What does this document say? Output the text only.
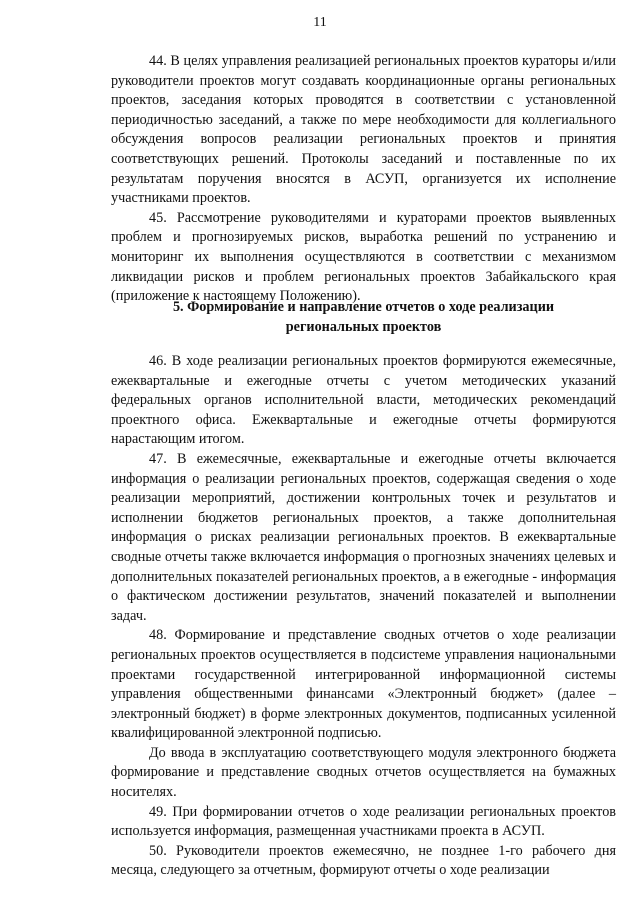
11

44. В целях управления реализацией региональных проектов кураторы и/или руководители проектов могут создавать координационные органы региональных проектов, заседания которых проводятся в соответствии с установленной периодичностью заседаний, а также по мере необходимости для коллегиального обсуждения вопросов реализации региональных проектов и принятия соответствующих решений. Протоколы заседаний и поставленные по их результатам поручения вносятся в АСУП, организуется их исполнение участниками проектов.

45. Рассмотрение руководителями и кураторами проектов выявленных проблем и прогнозируемых рисков, выработка решений по устранению и мониторинг их выполнения осуществляются в соответствии с механизмом ликвидации рисков и проблем региональных проектов Забайкальского края (приложение к настоящему Положению).

5. Формирование и направление отчетов о ходе реализации
региональных проектов

46. В ходе реализации региональных проектов формируются ежемесячные, ежеквартальные и ежегодные отчеты с учетом методических указаний федеральных органов исполнительной власти, методических рекомендаций проектного офиса. Ежеквартальные и ежегодные отчеты формируются нарастающим итогом.

47. В ежемесячные, ежеквартальные и ежегодные отчеты включается информация о реализации региональных проектов, содержащая сведения о ходе реализации мероприятий, достижении контрольных точек и результатов и исполнении бюджетов региональных проектов, а также дополнительная информация о рисках реализации региональных проектов. В ежеквартальные сводные отчеты также включается информация о прогнозных значениях целевых и дополнительных показателей региональных проектов, а в ежегодные - информация о фактическом достижении результатов, значений показателей и выполнении задач.

48. Формирование и представление сводных отчетов о ходе реализации региональных проектов осуществляется в подсистеме управления национальными проектами государственной интегрированной информационной системы управления общественными финансами «Электронный бюджет» (далее – электронный бюджет) в форме электронных документов, подписанных усиленной квалифицированной электронной подписью.

До ввода в эксплуатацию соответствующего модуля электронного бюджета формирование и представление сводных отчетов осуществляется на бумажных носителях.

49. При формировании отчетов о ходе реализации региональных проектов используется информация, размещенная участниками проекта в АСУП.

50. Руководители проектов ежемесячно, не позднее 1-го рабочего дня месяца, следующего за отчетным, формируют отчеты о ходе реализации
